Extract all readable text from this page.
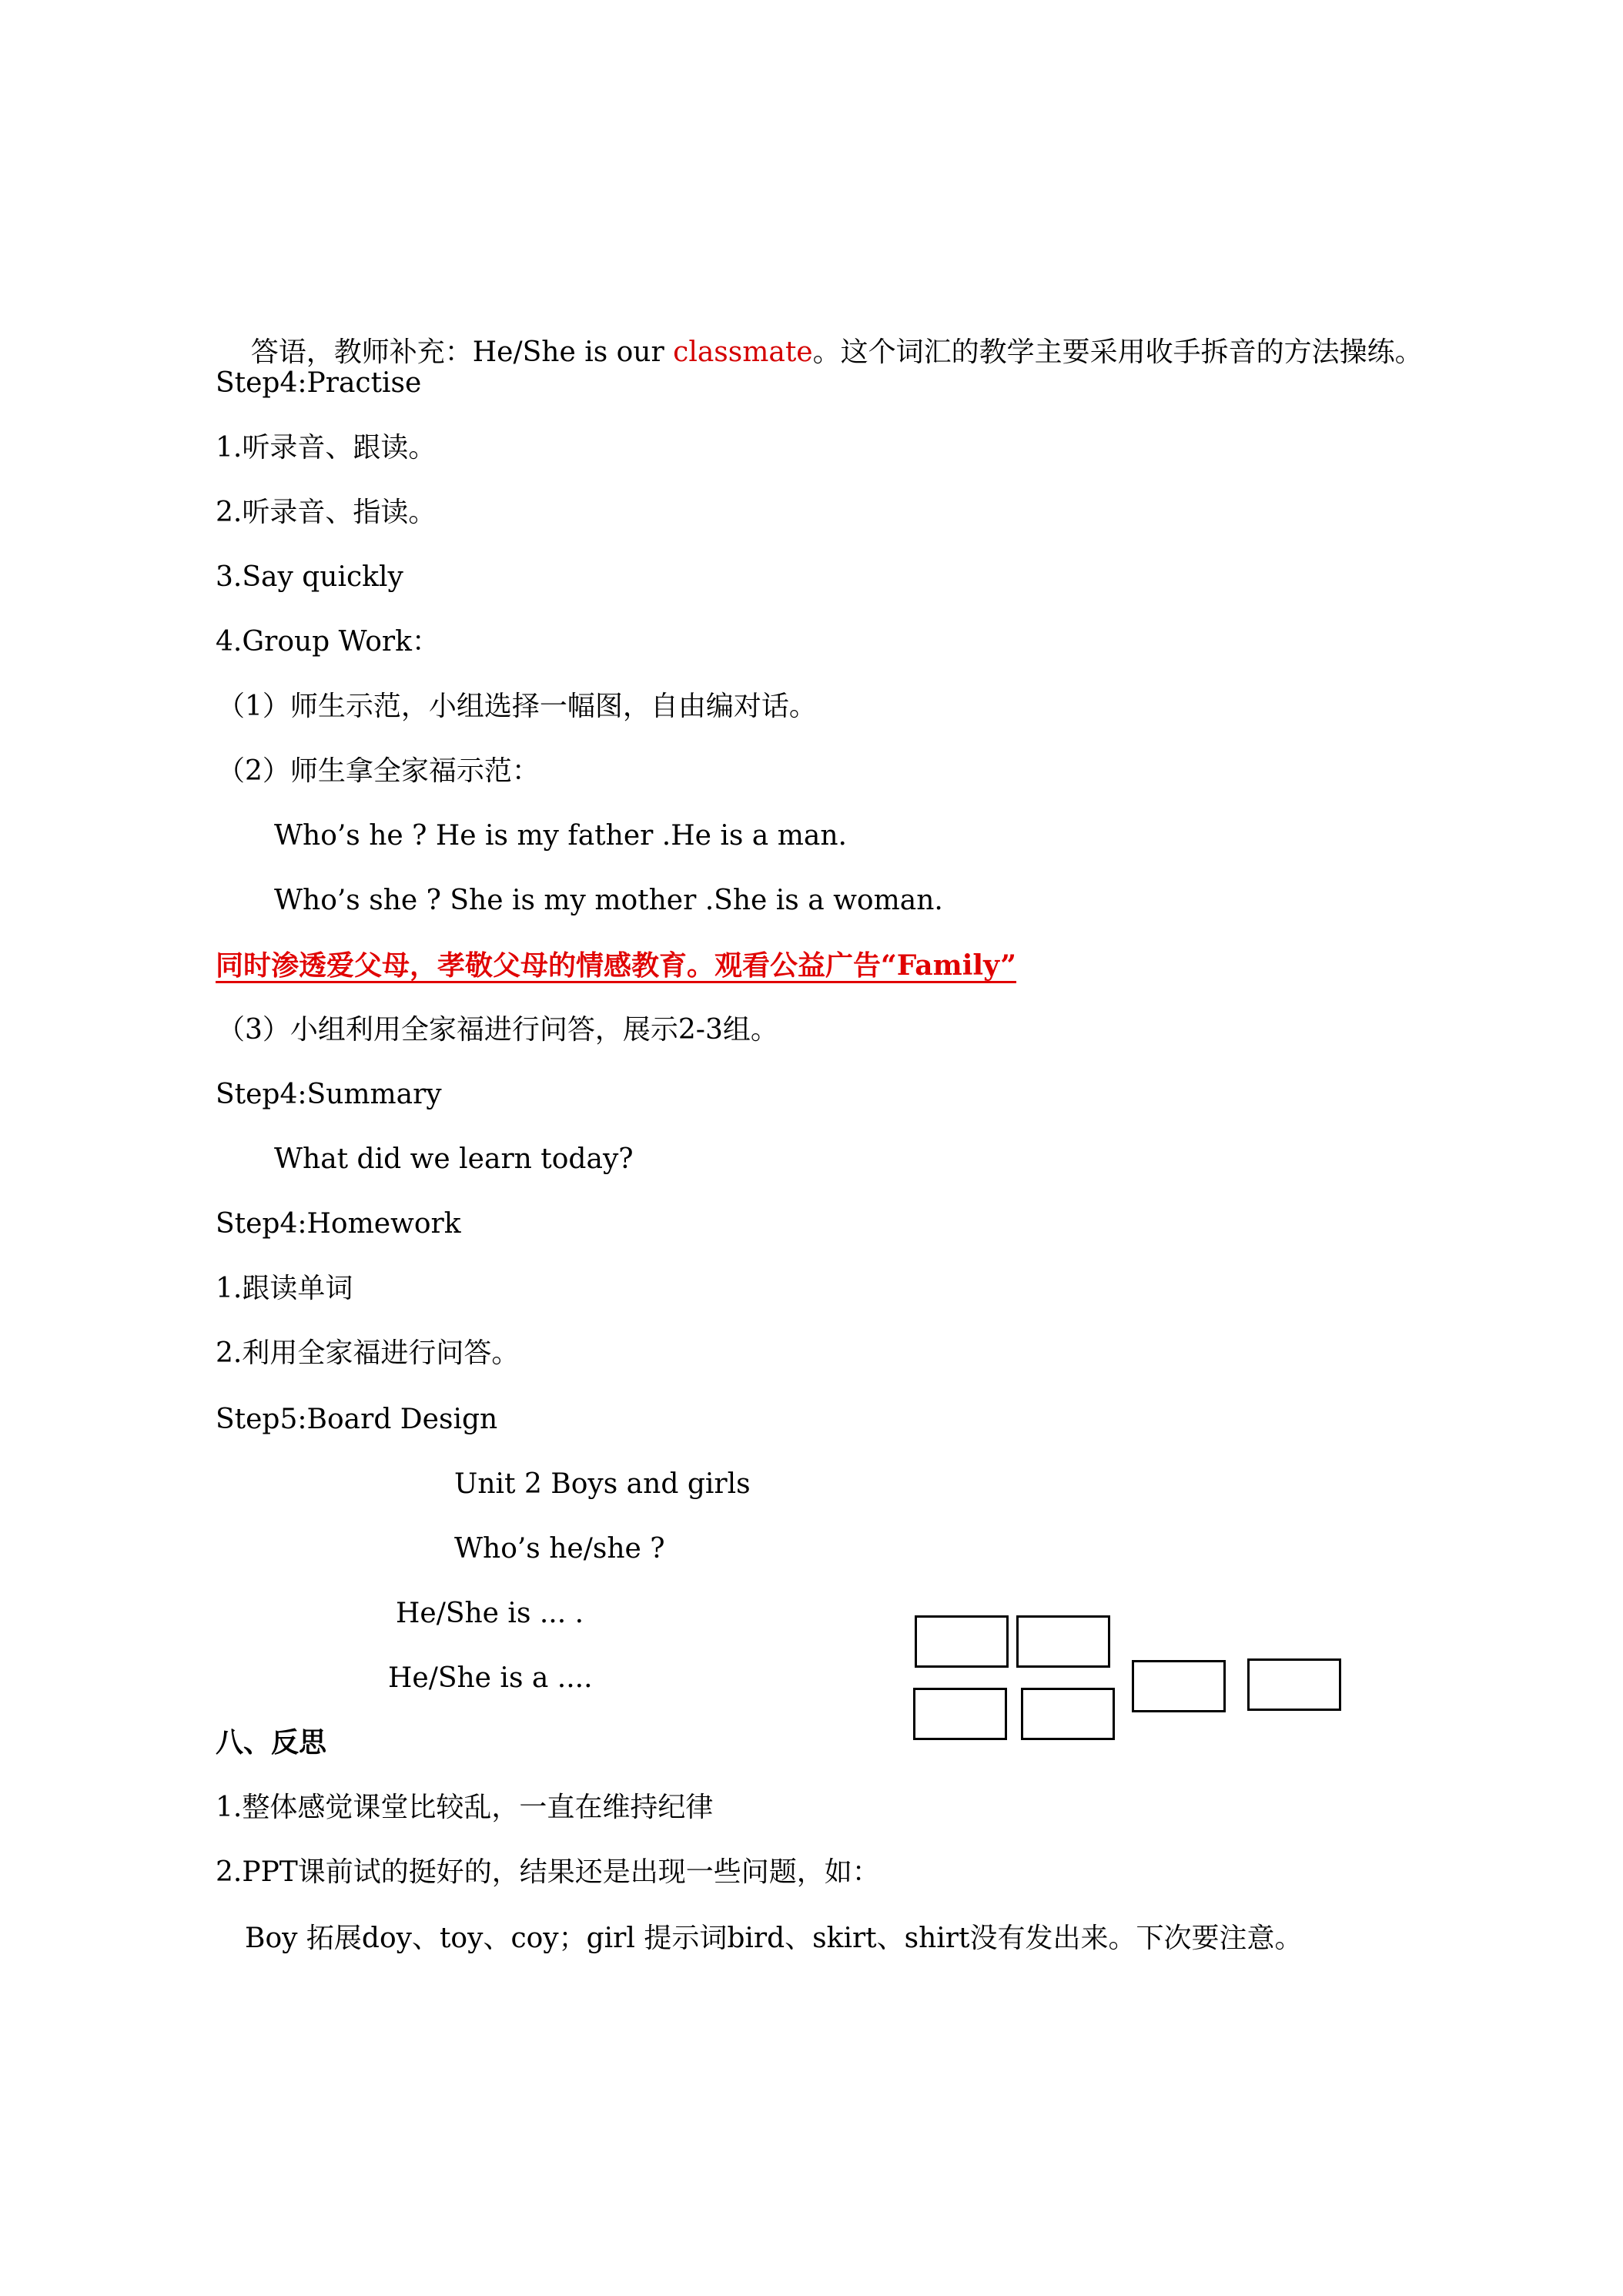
答语，教师补充：He/She is our classmate。这个词汇的教学主要采用收手拆音的方法操练。

Step4:Practise
1.听录音、跟读。
2.听录音、指读。
3.Say quickly
4.Group Work：
（1）师生示范，小组选择一幅图，自由编对话。
（2）师生拿全家福示范：
Who’s he ? He is my father .He is a man.
Who’s she ? She is my mother .She is a woman.
同时渗透爱父母，孝敬父母的情感教育。观看公益广告“Family”
（3）小组利用全家福进行问答，展示2-3组。
Step4:Summary
What did we learn today?
Step4:Homework
1.跟读单词
2.利用全家福进行问答。
Step5:Board Design
Unit 2 Boys and girls
Who’s he/she ?
He/She is ... .
He/She is a ....
八、反思
1.整体感觉课堂比较乱，一直在维持纪律
2.PPT课前试的挺好的，结果还是出现一些问题，如：
Boy 拓展doy、toy、coy；girl 提示词bird、skirt、shirt没有发出来。下次要注意。
